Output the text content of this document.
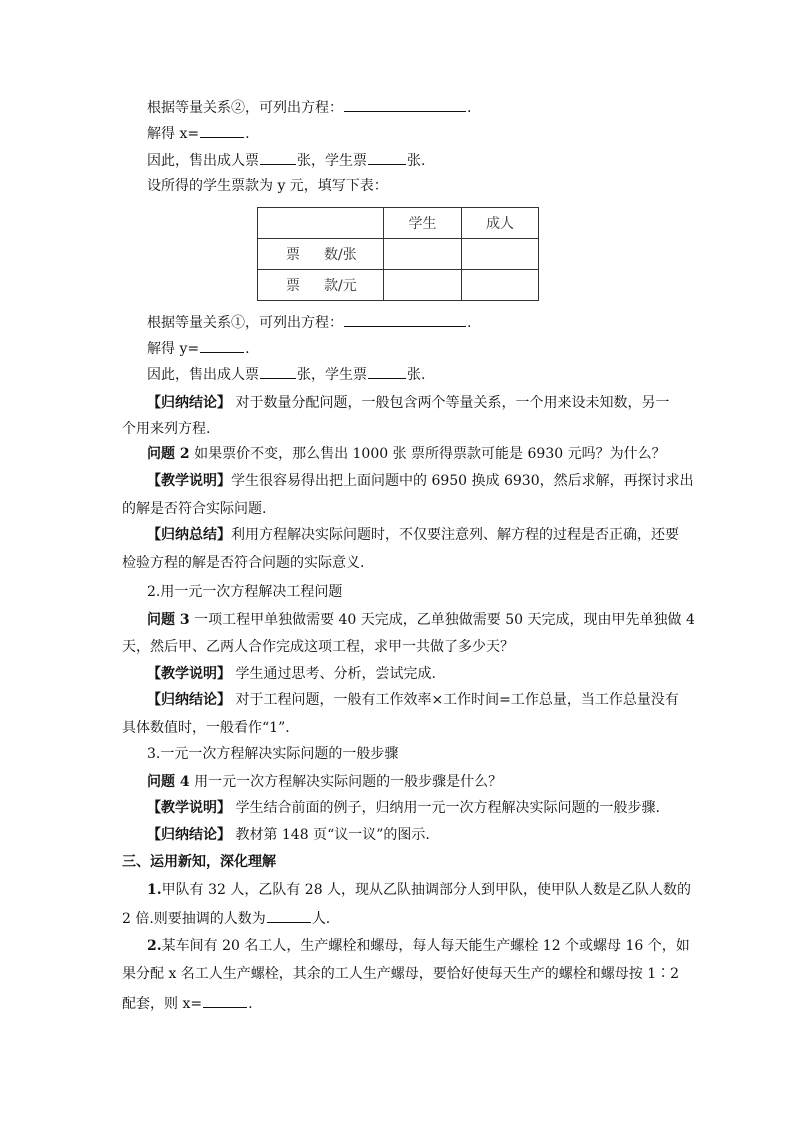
根据等量关系②，可列出方程：	.
解得 x=	.
因此，售出成人票	张，学生票	张.
设所得的学生票款为 y 元，填写下表：
	学生	成人
票 数/张		
票 款/元		
根据等量关系①，可列出方程：	.
解得 y=	.
因此，售出成人票	张，学生票	张.
【归纳结论】 对于数量分配问题，一般包含两个等量关系，一个用来设未知数，另一
个用来列方程.
问题 2 如果票价不变，那么售出 1000 张 票所得票款可能是 6930 元吗？为什么？
【教学说明】学生很容易得出把上面问题中的 6950 换成 6930，然后求解，再探讨求出
的解是否符合实际问题.
【归纳总结】利用方程解决实际问题时，不仅要注意列、解方程的过程是否正确，还要
检验方程的解是否符合问题的实际意义.
2.用一元一次方程解决工程问题
问题 3 一项工程甲单独做需要 40 天完成，乙单独做需要 50 天完成，现由甲先单独做 4
天，然后甲、乙两人合作完成这项工程，求甲一共做了多少天？
【教学说明】 学生通过思考、分析，尝试完成.
【归纳结论】 对于工程问题，一般有工作效率×工作时间=工作总量，当工作总量没有
具体数值时，一般看作“1”.
3.一元一次方程解决实际问题的一般步骤
问题 4 用一元一次方程解决实际问题的一般步骤是什么？
【教学说明】 学生结合前面的例子，归纳用一元一次方程解决实际问题的一般步骤.
【归纳结论】 教材第 148 页“议一议”的图示.
三、运用新知，深化理解
1.甲队有 32 人，乙队有 28 人，现从乙队抽调部分人到甲队，使甲队人数是乙队人数的
2 倍.则要抽调的人数为	人.
2.某车间有 20 名工人，生产螺栓和螺母，每人每天能生产螺栓 12 个或螺母 16 个，如
果分配 x 名工人生产螺栓，其余的工人生产螺母，要恰好使每天生产的螺栓和螺母按 1∶2
配套，则 x=	.
